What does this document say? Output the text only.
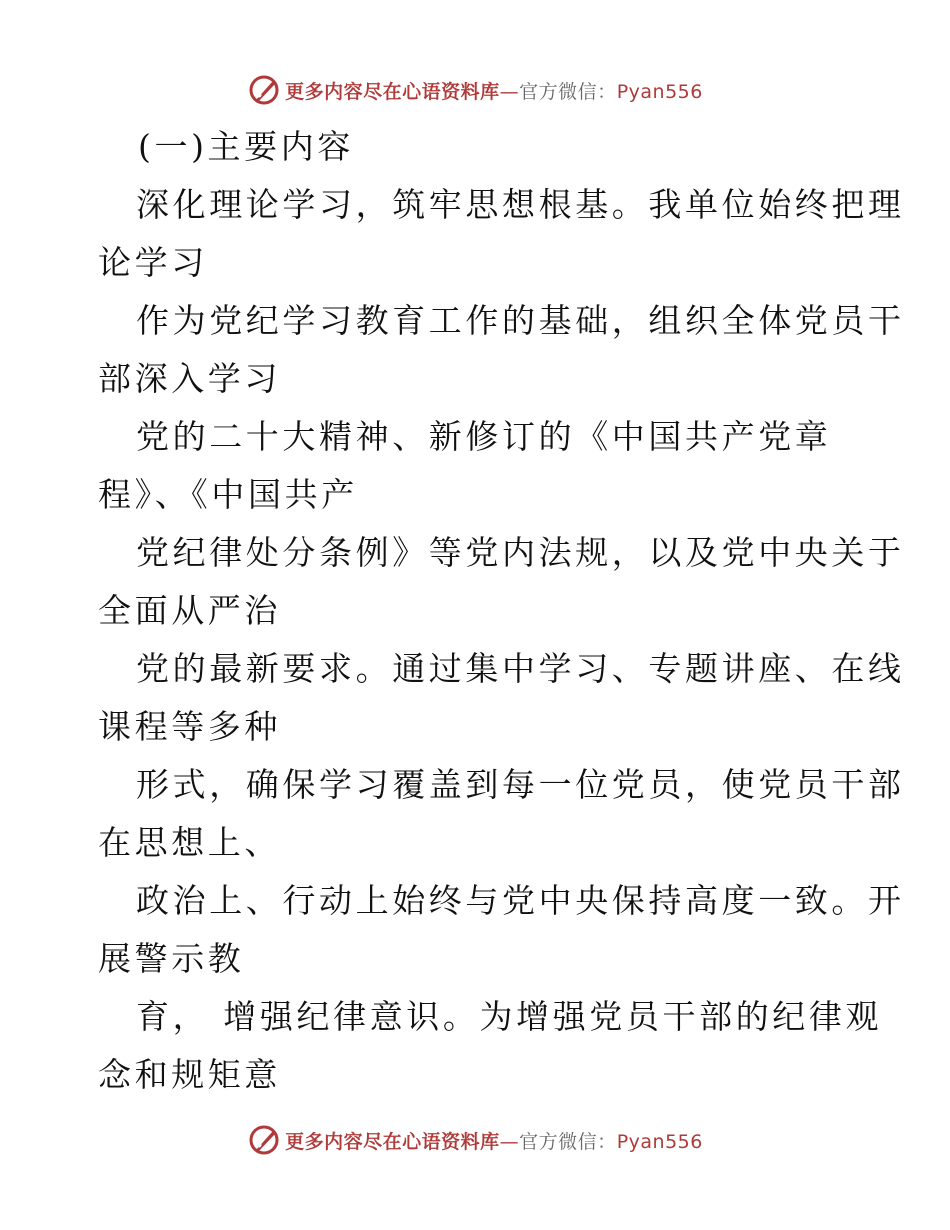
更多内容尽在心语资料库—官方微信：Pyan556
(一)主要内容
深化理论学习，筑牢思想根基。我单位始终把理
论学习
作为党纪学习教育工作的基础，组织全体党员干
部深入学习
党的二十大精神、新修订的《中国共产党章
程》、《中国共产
党纪律处分条例》等党内法规，以及党中央关于
全面从严治
党的最新要求。通过集中学习、专题讲座、在线
课程等多种
形式，确保学习覆盖到每一位党员，使党员干部
在思想上、
政治上、行动上始终与党中央保持高度一致。开
展警示教
育， 增强纪律意识。为增强党员干部的纪律观
念和规矩意
更多内容尽在心语资料库—官方微信：Pyan556
